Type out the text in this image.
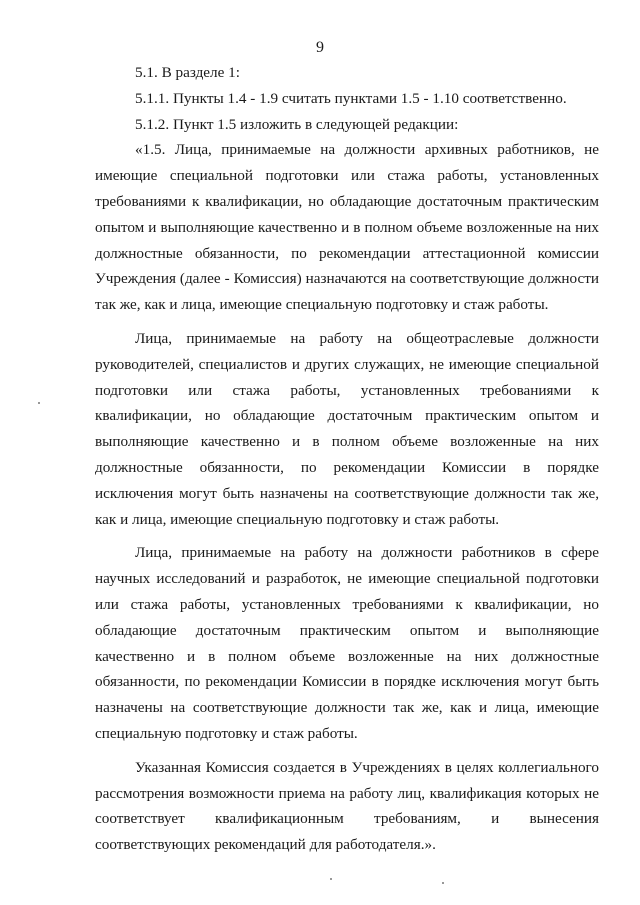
9

5.1. В разделе 1:

5.1.1. Пункты 1.4 - 1.9 считать пунктами 1.5 - 1.10 соответственно.

5.1.2. Пункт 1.5 изложить в следующей редакции:

«1.5. Лица, принимаемые на должности архивных работников, не имеющие специальной подготовки или стажа работы, установленных требованиями к квалификации, но обладающие достаточным практическим опытом и выполняющие качественно и в полном объеме возложенные на них должностные обязанности, по рекомендации аттестационной комиссии Учреждения (далее - Комиссия) назначаются на соответствующие должности так же, как и лица, имеющие специальную подготовку и стаж работы.

Лица, принимаемые на работу на общеотраслевые должности руководителей, специалистов и других служащих, не имеющие специальной подготовки или стажа работы, установленных требованиями к квалификации, но обладающие достаточным практическим опытом и выполняющие качественно и в полном объеме возложенные на них должностные обязанности, по рекомендации Комиссии в порядке исключения могут быть назначены на соответствующие должности так же, как и лица, имеющие специальную подготовку и стаж работы.

Лица, принимаемые на работу на должности работников в сфере научных исследований и разработок, не имеющие специальной подготовки или стажа работы, установленных требованиями к квалификации, но обладающие достаточным практическим опытом и выполняющие качественно и в полном объеме возложенные на них должностные обязанности, по рекомендации Комиссии в порядке исключения могут быть назначены на соответствующие должности так же, как и лица, имеющие специальную подготовку и стаж работы.

Указанная Комиссия создается в Учреждениях в целях коллегиального рассмотрения возможности приема на работу лиц, квалификация которых не соответствует квалификационным требованиям, и вынесения соответствующих рекомендаций для работодателя.».
